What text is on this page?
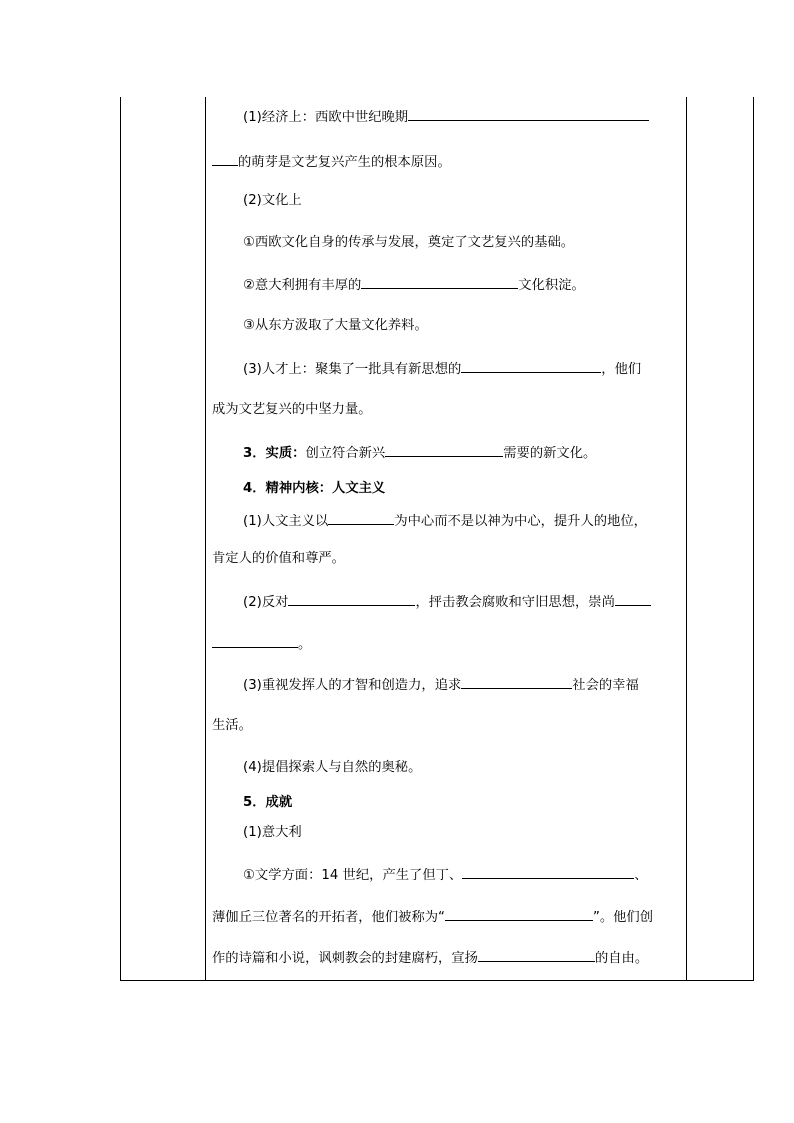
(1)经济上：西欧中世纪晚期
的萌芽是文艺复兴产生的根本原因。
(2)文化上
①西欧文化自身的传承与发展，奠定了文艺复兴的基础。
②意大利拥有丰厚的	文化积淀。
③从东方汲取了大量文化养料。
(3)人才上：聚集了一批具有新思想的	，他们
成为文艺复兴的中坚力量。
3．实质：创立符合新兴	需要的新文化。
4．精神内核：人文主义
(1)人文主义以	为中心而不是以神为中心，提升人的地位，
肯定人的价值和尊严。
(2)反对	，抨击教会腐败和守旧思想，崇尚
。
(3)重视发挥人的才智和创造力，追求	社会的幸福
生活。
(4)提倡探索人与自然的奥秘。
5．成就
(1)意大利
①文学方面：14 世纪，产生了但丁、	、
薄伽丘三位著名的开拓者，他们被称为“	”。他们创
作的诗篇和小说，讽刺教会的封建腐朽，宣扬	的自由。
